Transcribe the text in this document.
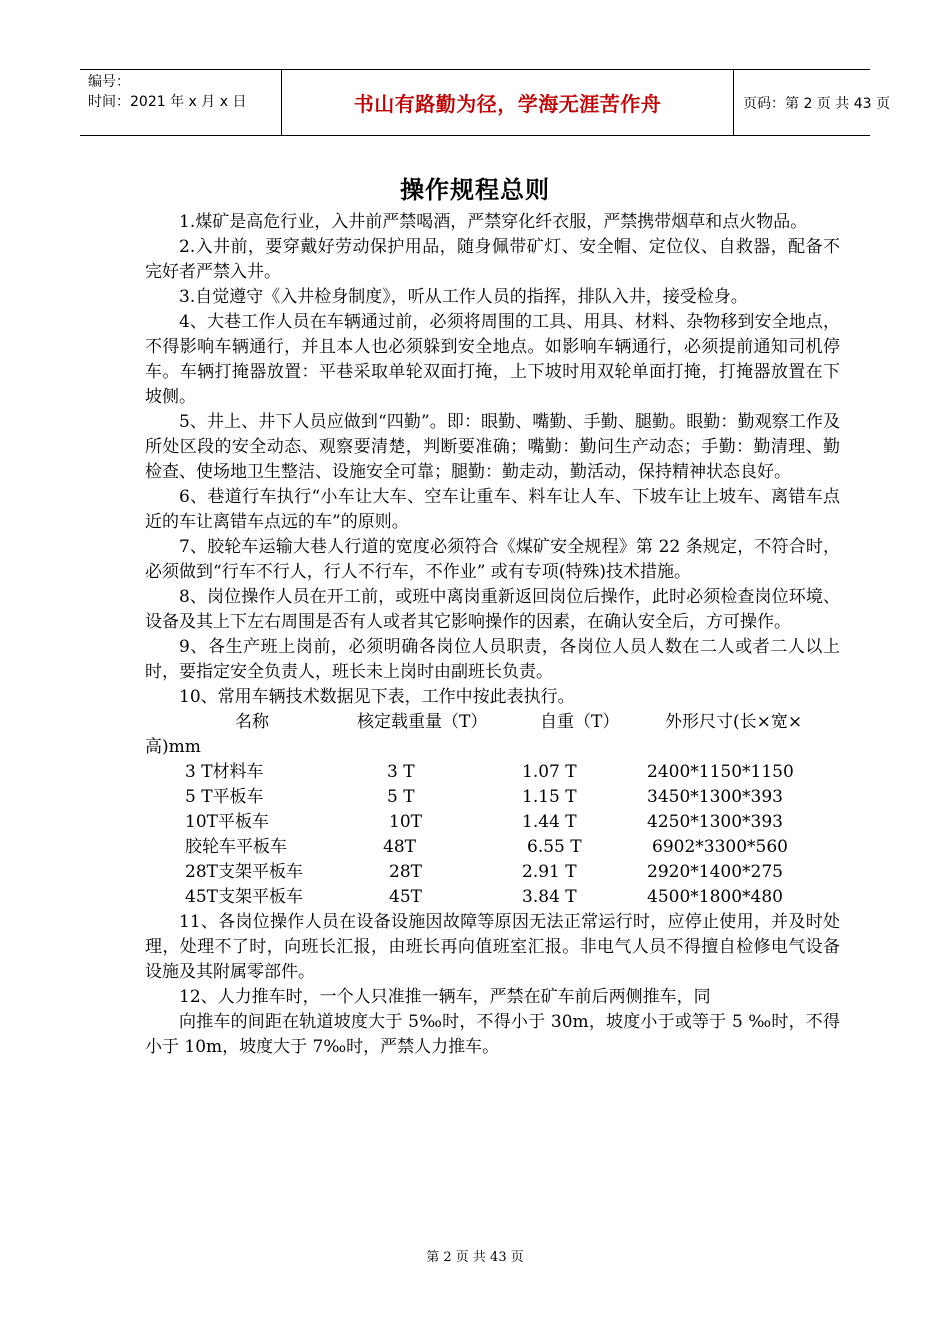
编号：
时间：2021 年 x 月 x 日	书山有路勤为径，学海无涯苦作舟	页码：第 2 页 共 43 页
操作规程总则

1.煤矿是高危行业，入井前严禁喝酒，严禁穿化纤衣服，严禁携带烟草和点火物品。

2.入井前，要穿戴好劳动保护用品，随身佩带矿灯、安全帽、定位仪、自救器，配备不完好者严禁入井。

3.自觉遵守《入井检身制度》，听从工作人员的指挥，排队入井，接受检身。

4、大巷工作人员在车辆通过前，必须将周围的工具、用具、材料、杂物移到安全地点，不得影响车辆通行，并且本人也必须躲到安全地点。如影响车辆通行，必须提前通知司机停车。车辆打掩器放置：平巷采取单轮双面打掩，上下坡时用双轮单面打掩，打掩器放置在下坡侧。

5、井上、井下人员应做到“四勤”。即：眼勤、嘴勤、手勤、腿勤。眼勤：勤观察工作及所处区段的安全动态、观察要清楚，判断要准确；嘴勤：勤问生产动态；手勤：勤清理、勤检查、使场地卫生整洁、设施安全可靠；腿勤：勤走动，勤活动，保持精神状态良好。

6、巷道行车执行“小车让大车、空车让重车、料车让人车、下坡车让上坡车、离错车点近的车让离错车点远的车”的原则。

7、胶轮车运输大巷人行道的宽度必须符合《煤矿安全规程》第 22 条规定，不符合时，必须做到“行车不行人，行人不行车，不作业” 或有专项(特殊)技术措施。

8、岗位操作人员在开工前，或班中离岗重新返回岗位后操作，此时必须检查岗位环境、设备及其上下左右周围是否有人或者其它影响操作的因素，在确认安全后，方可操作。

9、各生产班上岗前，必须明确各岗位人员职责，各岗位人员人数在二人或者二人以上时，要指定安全负责人，班长未上岗时由副班长负责。

10、常用车辆技术数据见下表，工作中按此表执行。

名称	核定载重量（T）	自重（T）	外形尺寸(长×宽×
高)mm
3 T材料车	3 T	1.07 T	2400*1150*1150
5 T平板车	5 T	1.15 T	3450*1300*393
10T平板车	10T	1.44 T	4250*1300*393
胶轮车平板车	48T	6.55 T	6902*3300*560
28T支架平板车	28T	2.91 T	2920*1400*275
45T支架平板车	45T	3.84 T	4500*1800*480

11、各岗位操作人员在设备设施因故障等原因无法正常运行时，应停止使用，并及时处理，处理不了时，向班长汇报，由班长再向值班室汇报。非电气人员不得擅自检修电气设备设施及其附属零部件。

12、人力推车时，一个人只准推一辆车，严禁在矿车前后两侧推车，同

向推车的间距在轨道坡度大于 5‰时，不得小于 30m，坡度小于或等于 5 ‰时，不得小于 10m，坡度大于 7‰时，严禁人力推车。

第 2 页 共 43 页
